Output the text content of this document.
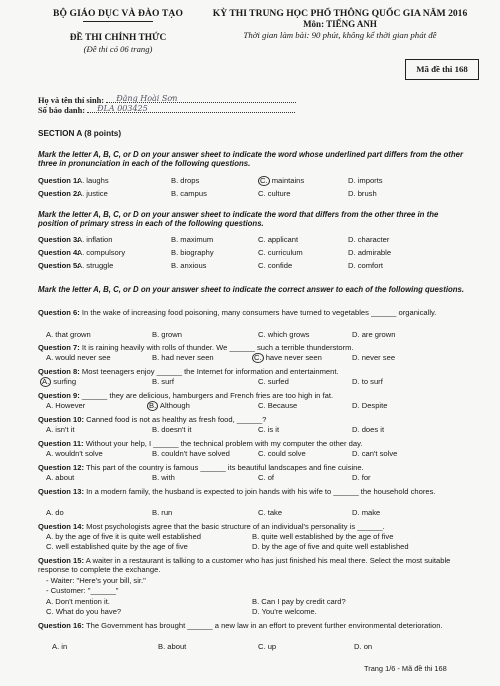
BỘ GIÁO DỤC VÀ ĐÀO TẠO
ĐỀ THI CHÍNH THỨC
(Đề thi có 06 trang)
KỲ THI TRUNG HỌC PHỔ THÔNG QUỐC GIA NĂM 2016
Môn: TIẾNG ANH
Thời gian làm bài: 90 phút, không kể thời gian phát đề
Mã đề thi 168
Họ và tên thí sinh: Đặng Hoài Sơn
Số báo danh: ĐLA 003425
SECTION A (8 points)
Mark the letter A, B, C, or D on your answer sheet to indicate the word whose underlined part differs from the other three in pronunciation in each of the following questions.
Question 1:
A. laughs	B. drops	C. maintains	D. imports
Question 2:
A. justice	B. campus	C. culture	D. brush
Mark the letter A, B, C, or D on your answer sheet to indicate the word that differs from the other three in the position of primary stress in each of the following questions.
Question 3:
A. inflation	B. maximum	C. applicant	D. character
Question 4:
A. compulsory	B. biography	C. curriculum	D. admirable
Question 5:
A. struggle	B. anxious	C. confide	D. comfort
Mark the letter A, B, C, or D on your answer sheet to indicate the correct answer to each of the following questions.
Question 6: In the wake of increasing food poisoning, many consumers have turned to vegetables ______ organically.
A. that grown	B. grown	C. which grows	D. are grown
Question 7: It is raining heavily with rolls of thunder. We ______ such a terrible thunderstorm.
A. would never see	B. had never seen	C. have never seen	D. never see
Question 8: Most teenagers enjoy ______ the Internet for information and entertainment.
A. surfing	B. surf	C. surfed	D. to surf
Question 9: ______ they are delicious, hamburgers and French fries are too high in fat.
A. However	B. Although	C. Because	D. Despite
Question 10: Canned food is not as healthy as fresh food, ______?
A. isn't it	B. doesn't it	C. is it	D. does it
Question 11: Without your help, I ______ the technical problem with my computer the other day.
A. wouldn't solve	B. couldn't have solved	C. could solve	D. can't solve
Question 12: This part of the country is famous ______ its beautiful landscapes and fine cuisine.
A. about	B. with	C. of	D. for
Question 13: In a modern family, the husband is expected to join hands with his wife to ______ the household chores.
A. do	B. run	C. take	D. make
Question 14: Most psychologists agree that the basic structure of an individual's personality is ______.
A. by the age of five it is quite well established	B. quite well established by the age of five
C. well established quite by the age of five	D. by the age of five and quite well established
Question 15: A waiter in a restaurant is talking to a customer who has just finished his meal there. Select the most suitable response to complete the exchange.
- Waiter: "Here's your bill, sir."
- Customer: "______"
A. Don't mention it.	B. Can I pay by credit card?
C. What do you have?	D. You're welcome.
Question 16: The Government has brought ______ a new law in an effort to prevent further environmental deterioration.
A. in	B. about	C. up	D. on
Trang 1/6 - Mã đề thi 168
